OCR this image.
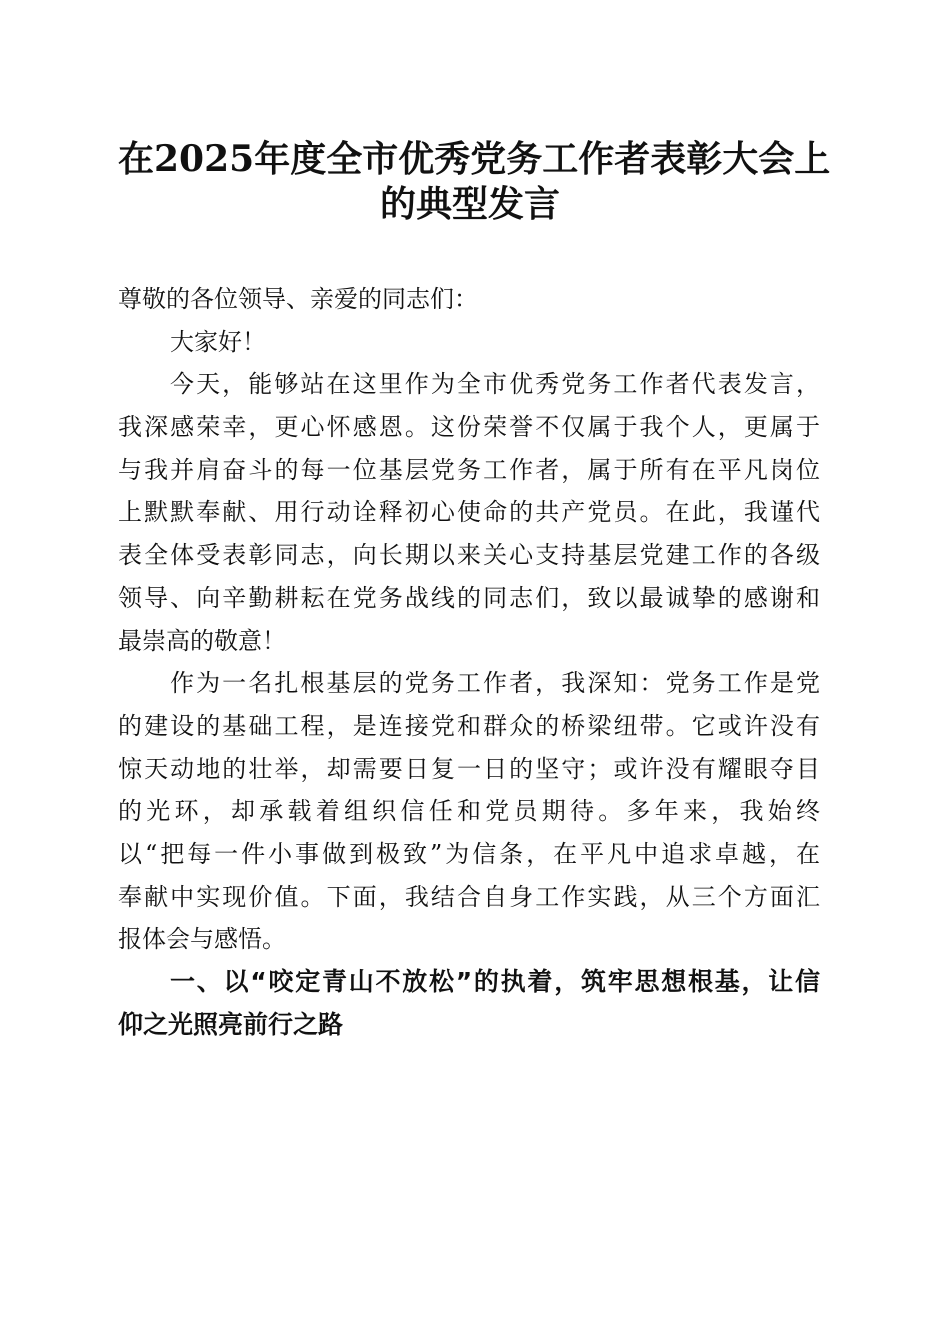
在2025年度全市优秀党务工作者表彰大会上
的典型发言
尊敬的各位领导、亲爱的同志们：
大家好！
今天，能够站在这里作为全市优秀党务工作者代表发言，
我深感荣幸，更心怀感恩。这份荣誉不仅属于我个人，更属于
与我并肩奋斗的每一位基层党务工作者，属于所有在平凡岗位
上默默奉献、用行动诠释初心使命的共产党员。在此，我谨代
表全体受表彰同志，向长期以来关心支持基层党建工作的各级
领导、向辛勤耕耘在党务战线的同志们，致以最诚挚的感谢和
最崇高的敬意！
作为一名扎根基层的党务工作者，我深知：党务工作是党
的建设的基础工程，是连接党和群众的桥梁纽带。它或许没有
惊天动地的壮举，却需要日复一日的坚守；或许没有耀眼夺目
的光环，却承载着组织信任和党员期待。多年来，我始终
以“把每一件小事做到极致”为信条，在平凡中追求卓越，在
奉献中实现价值。下面，我结合自身工作实践，从三个方面汇
报体会与感悟。
一、以“咬定青山不放松”的执着，筑牢思想根基，让信
仰之光照亮前行之路
